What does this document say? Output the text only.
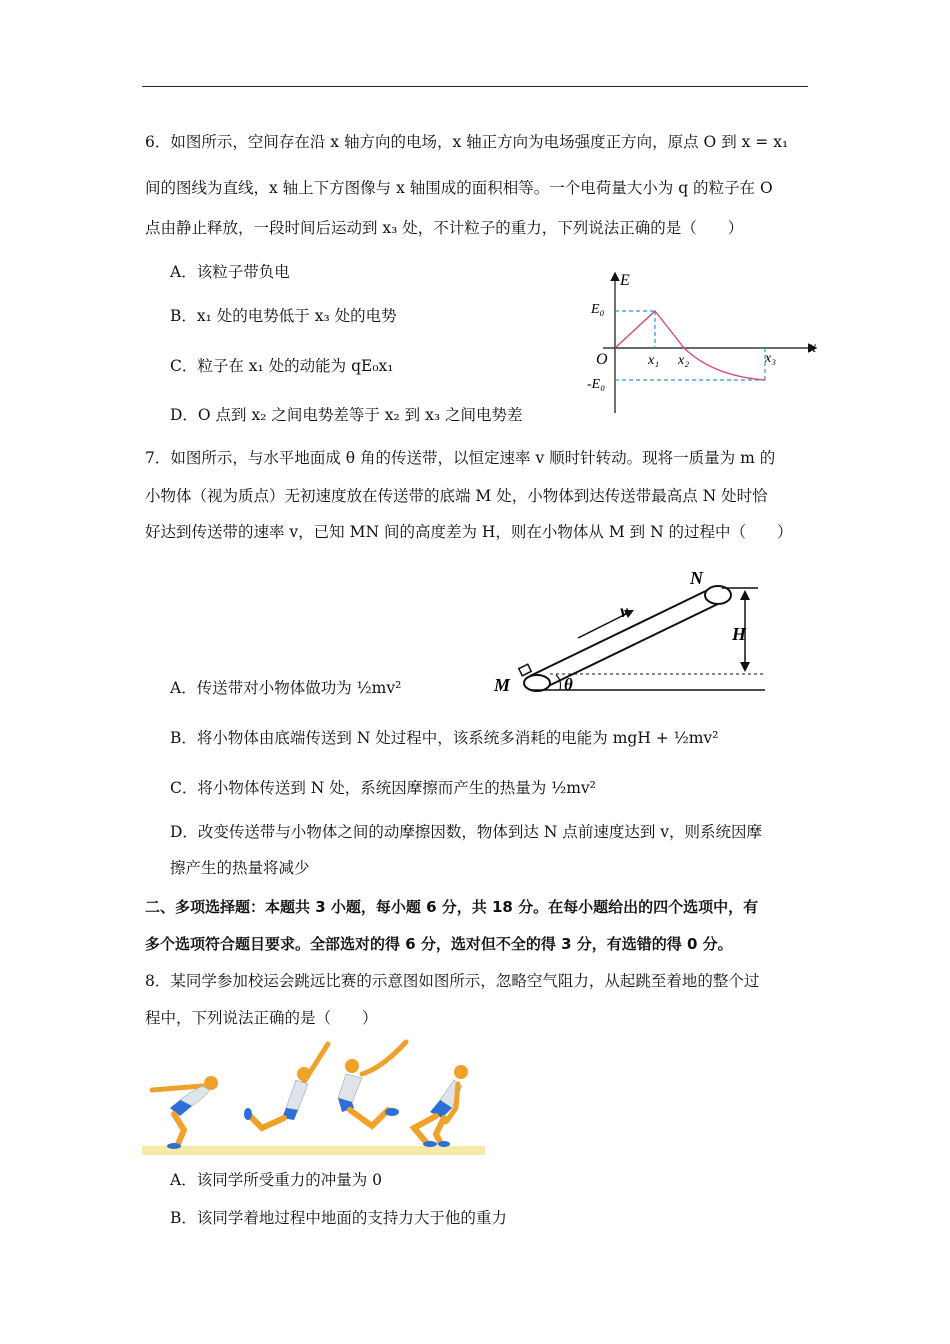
6．如图所示，空间存在沿 x 轴方向的电场，x 轴正方向为电场强度正方向，原点 O 到 x = x₁
间的图线为直线，x 轴上下方图像与 x 轴围成的面积相等。一个电荷量大小为 q 的粒子在 O
点由静止释放，一段时间后运动到 x₃ 处，不计粒子的重力，下列说法正确的是（　　）
A．该粒子带负电
B．x₁ 处的电势低于 x₃ 处的电势
C．粒子在 x₁ 处的动能为 qE₀x₁
D．O 点到 x₂ 之间电势差等于 x₂ 到 x₃ 之间电势差
E
x
O
E₀
-E₀
x₁ x₂	x₃
7．如图所示，与水平地面成 θ 角的传送带，以恒定速率 v 顺时针转动。现将一质量为 m 的
小物体（视为质点）无初速度放在传送带的底端 M 处，小物体到达传送带最高点 N 处时恰
好达到传送带的速率 v，已知 MN 间的高度差为 H，则在小物体从 M 到 N 的过程中（　　）
N
M
H
v
θ
A．传送带对小物体做功为 ½mv²
B．将小物体由底端传送到 N 处过程中，该系统多消耗的电能为 mgH + ½mv²
C．将小物体传送到 N 处，系统因摩擦而产生的热量为 ½mv²
D．改变传送带与小物体之间的动摩擦因数，物体到达 N 点前速度达到 v，则系统因摩
擦产生的热量将减少
二、多项选择题：本题共 3 小题，每小题 6 分，共 18 分。在每小题给出的四个选项中，有
多个选项符合题目要求。全部选对的得 6 分，选对但不全的得 3 分，有选错的得 0 分。
8．某同学参加校运会跳远比赛的示意图如图所示，忽略空气阻力，从起跳至着地的整个过
程中，下列说法正确的是（　　）
A．该同学所受重力的冲量为 0
B．该同学着地过程中地面的支持力大于他的重力
